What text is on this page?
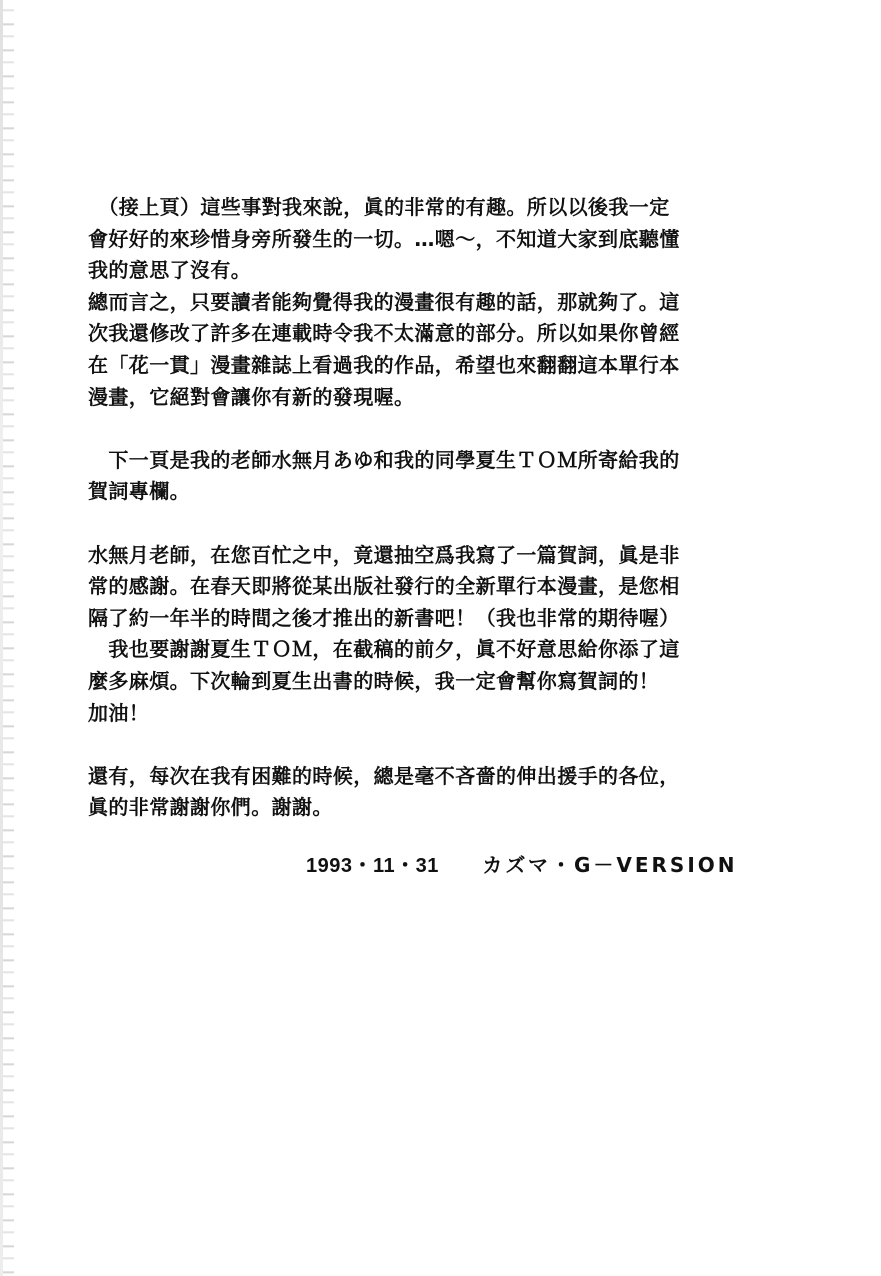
　（接上頁）這些事對我來說，眞的非常的有趣。所以以後我一定
會好好的來珍惜身旁所發生的一切。…嗯～，不知道大家到底聽懂
我的意思了沒有。

總而言之，只要讀者能夠覺得我的漫畫很有趣的話，那就夠了。這
次我還修改了許多在連載時令我不太滿意的部分。所以如果你曾經
在「花一貫」漫畫雜誌上看過我的作品，希望也來翻翻這本單行本
漫畫，它絕對會讓你有新的發現喔。

　下一頁是我的老師水無月あゆ和我的同學夏生ＴＯＭ所寄給我的
賀詞專欄。

水無月老師，在您百忙之中，竟還抽空爲我寫了一篇賀詞，眞是非
常的感謝。在春天即將從某出版社發行的全新單行本漫畫，是您相
隔了約一年半的時間之後才推出的新書吧！（我也非常的期待喔）

　我也要謝謝夏生ＴＯＭ，在截稿的前夕，眞不好意思給你添了這
麼多麻煩。下次輪到夏生出書的時候，我一定會幫你寫賀詞的！
加油！

還有，每次在我有困難的時候，總是毫不吝嗇的伸出援手的各位，
眞的非常謝謝你們。謝謝。

1993・11・31 カズマ・G－VERSION
